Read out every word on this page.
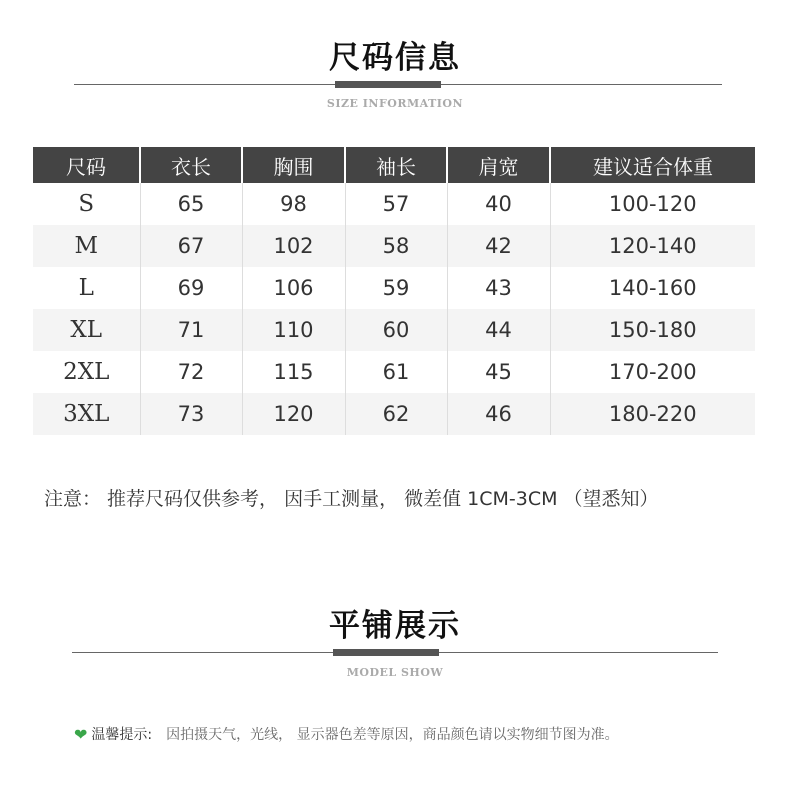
尺码信息
SIZE INFORMATION
尺码	衣长	胸围	袖长	肩宽	建议适合体重
S	65	98	57	40	100-120
M	67	102	58	42	120-140
L	69	106	59	43	140-160
XL	71	110	60	44	150-180
2XL	72	115	61	45	170-200
3XL	73	120	62	46	180-220
注意： 推荐尺码仅供参考， 因手工测量， 微差值 1CM-3CM （望悉知）
平铺展示
MODEL SHOW
❤ 温馨提示: 因拍摄天气，光线， 显示器色差等原因，商品颜色请以实物细节图为准。
